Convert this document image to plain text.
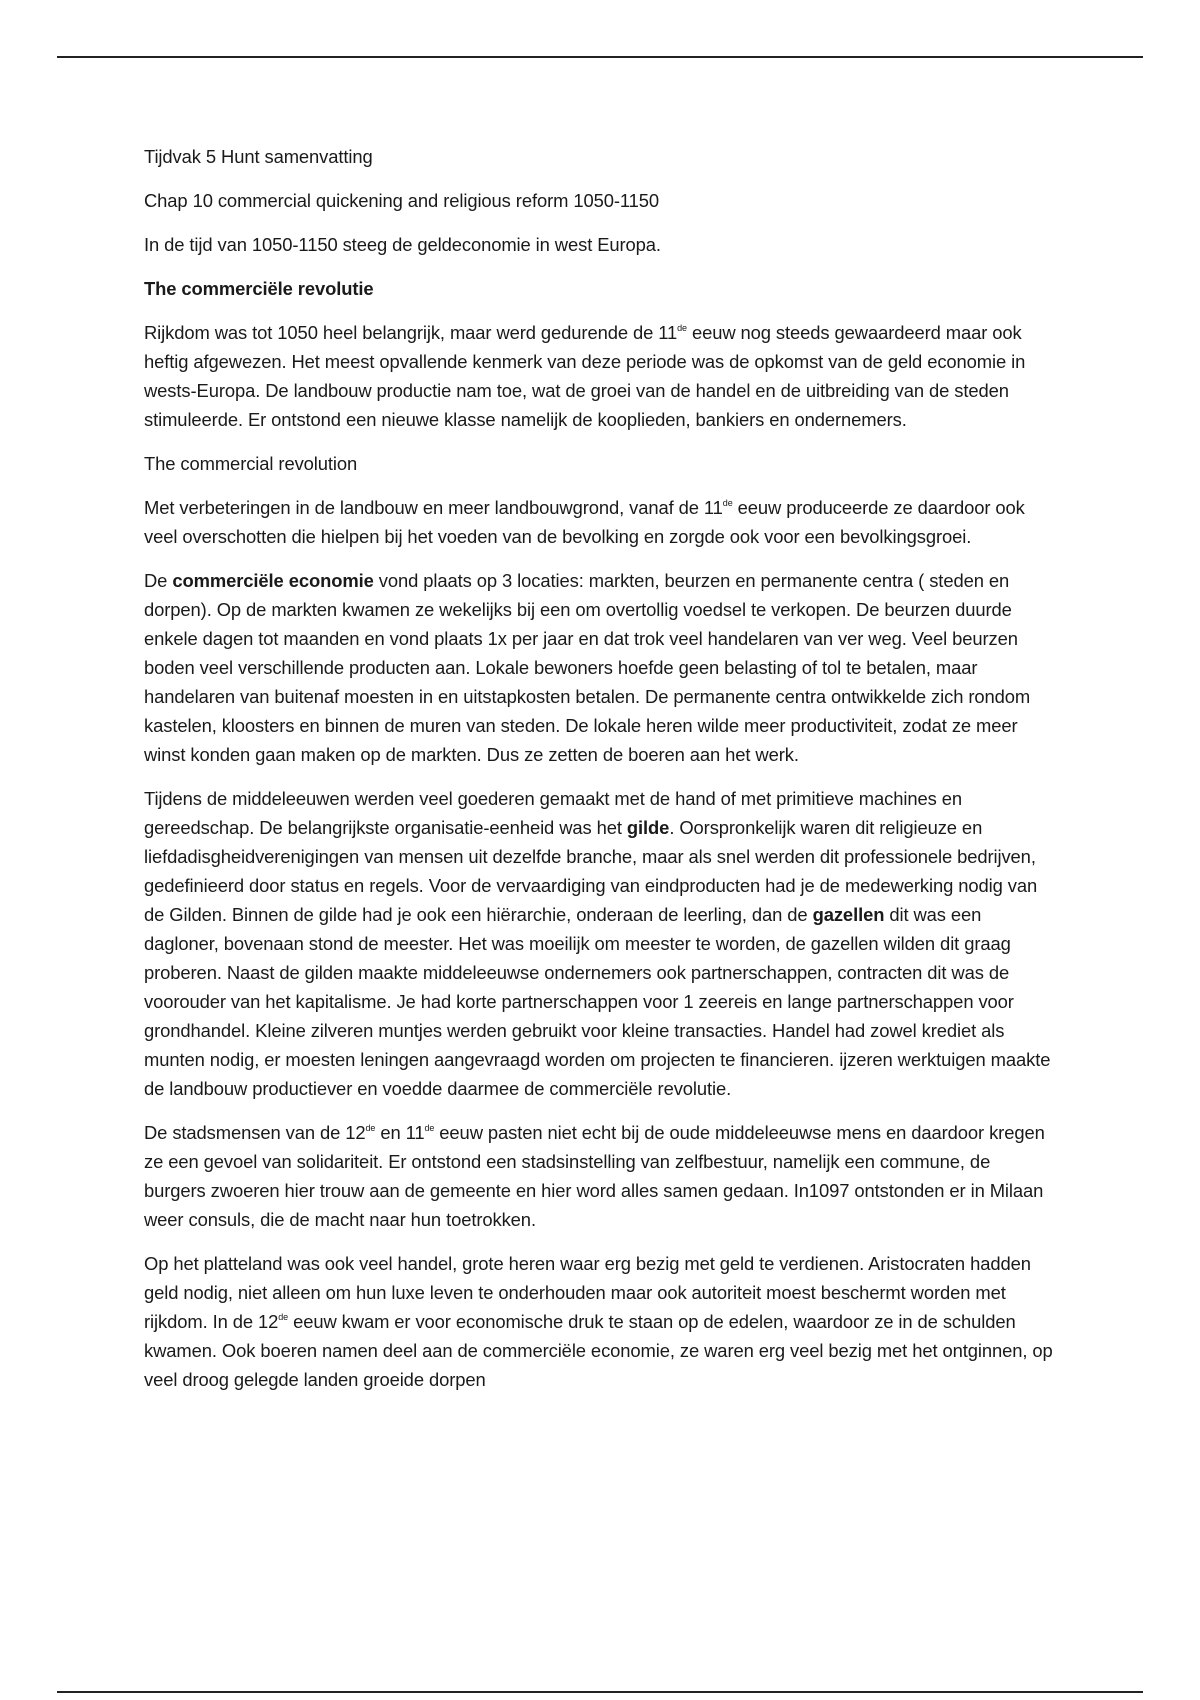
Tijdvak 5 Hunt samenvatting

Chap 10 commercial quickening and religious reform 1050-1150

In de tijd van 1050-1150 steeg de geldeconomie in west Europa.

The commerciële revolutie

Rijkdom was tot 1050 heel belangrijk, maar werd gedurende de 11de eeuw nog steeds gewaardeerd maar ook heftig afgewezen. Het meest opvallende kenmerk van deze periode was de opkomst van de geld economie in wests-Europa. De landbouw productie nam toe, wat de groei van de handel en de uitbreiding van de steden stimuleerde. Er ontstond een nieuwe klasse namelijk de kooplieden, bankiers en ondernemers.

The commercial revolution

Met verbeteringen in de landbouw en meer landbouwgrond, vanaf de 11de eeuw produceerde ze daardoor ook veel overschotten die hielpen bij het voeden van de bevolking en zorgde ook voor een bevolkingsgroei.

De commerciële economie vond plaats op 3 locaties: markten, beurzen en permanente centra ( steden en dorpen). Op de markten kwamen ze wekelijks bij een om overtollig voedsel te verkopen. De beurzen duurde enkele dagen tot maanden en vond plaats 1x per jaar en dat trok veel handelaren van ver weg. Veel beurzen boden veel verschillende producten aan. Lokale bewoners hoefde geen belasting of tol te betalen, maar handelaren van buitenaf moesten in en uitstapkosten betalen. De permanente centra ontwikkelde zich rondom kastelen, kloosters en binnen de muren van steden. De lokale heren wilde meer productiviteit, zodat ze meer winst konden gaan maken op de markten. Dus ze zetten de boeren aan het werk.

Tijdens de middeleeuwen werden veel goederen gemaakt met de hand of met primitieve machines en gereedschap. De belangrijkste organisatie-eenheid was het gilde. Oorspronkelijk waren dit religieuze en liefdadisgheidverenigingen van mensen uit dezelfde branche, maar als snel werden dit professionele bedrijven, gedefinieerd door status en regels. Voor de vervaardiging van eindproducten had je de medewerking nodig van de Gilden. Binnen de gilde had je ook een hiërarchie, onderaan de leerling, dan de gazellen dit was een dagloner, bovenaan stond de meester. Het was moeilijk om meester te worden, de gazellen wilden dit graag proberen. Naast de gilden maakte middeleeuwse ondernemers ook partnerschappen, contracten dit was de voorouder van het kapitalisme. Je had korte partnerschappen voor 1 zeereis en lange partnerschappen voor grondhandel. Kleine zilveren muntjes werden gebruikt voor kleine transacties. Handel had zowel krediet als munten nodig, er moesten leningen aangevraagd worden om projecten te financieren. ijzeren werktuigen maakte de landbouw productiever en voedde daarmee de commerciële revolutie.

De stadsmensen van de 12de en 11de eeuw pasten niet echt bij de oude middeleeuwse mens en daardoor kregen ze een gevoel van solidariteit. Er ontstond een stadsinstelling van zelfbestuur, namelijk een commune, de burgers zwoeren hier trouw aan de gemeente en hier word alles samen gedaan. In1097 ontstonden er in Milaan weer consuls, die de macht naar hun toetrokken.

Op het platteland was ook veel handel, grote heren waar erg bezig met geld te verdienen. Aristocraten hadden geld nodig, niet alleen om hun luxe leven te onderhouden maar ook autoriteit moest beschermt worden met rijkdom. In de 12de eeuw kwam er voor economische druk te staan op de edelen, waardoor ze in de schulden kwamen. Ook boeren namen deel aan de commerciële economie, ze waren erg veel bezig met het ontginnen, op veel droog gelegde landen groeide dorpen
